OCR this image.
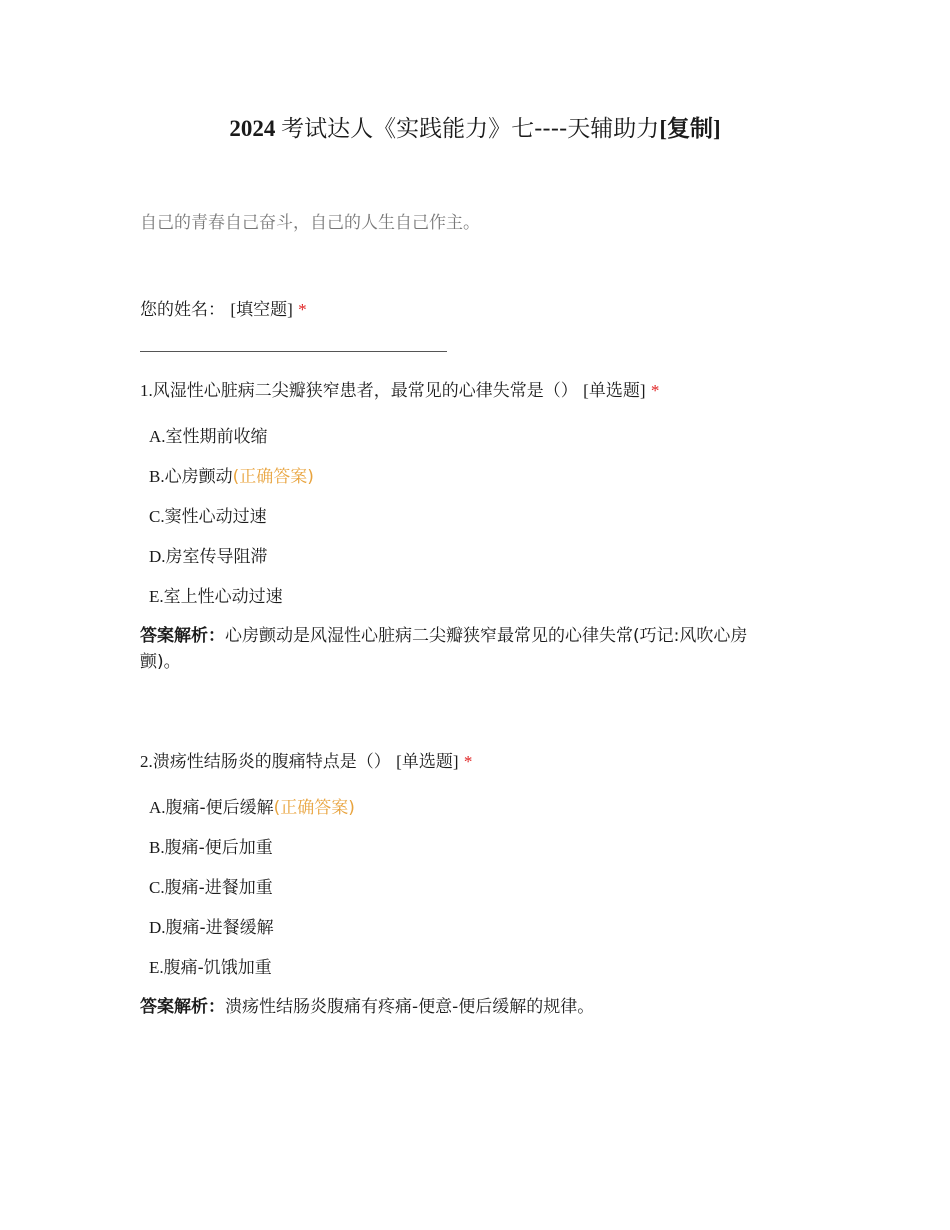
2024 考试达人《实践能力》七----天辅助力[复制]
自己的青春自己奋斗，自己的人生自己作主。
您的姓名： [填空题] *
1.风湿性心脏病二尖瓣狭窄患者，最常见的心律失常是（） [单选题] *
A.室性期前收缩
B.心房颤动(正确答案)
C.窦性心动过速
D.房室传导阻滞
E.室上性心动过速
答案解析：心房颤动是风湿性心脏病二尖瓣狭窄最常见的心律失常(巧记:风吹心房
颤)。
2.溃疡性结肠炎的腹痛特点是（） [单选题] *
A.腹痛-便后缓解(正确答案)
B.腹痛-便后加重
C.腹痛-进餐加重
D.腹痛-进餐缓解
E.腹痛-饥饿加重
答案解析：溃疡性结肠炎腹痛有疼痛-便意-便后缓解的规律。
